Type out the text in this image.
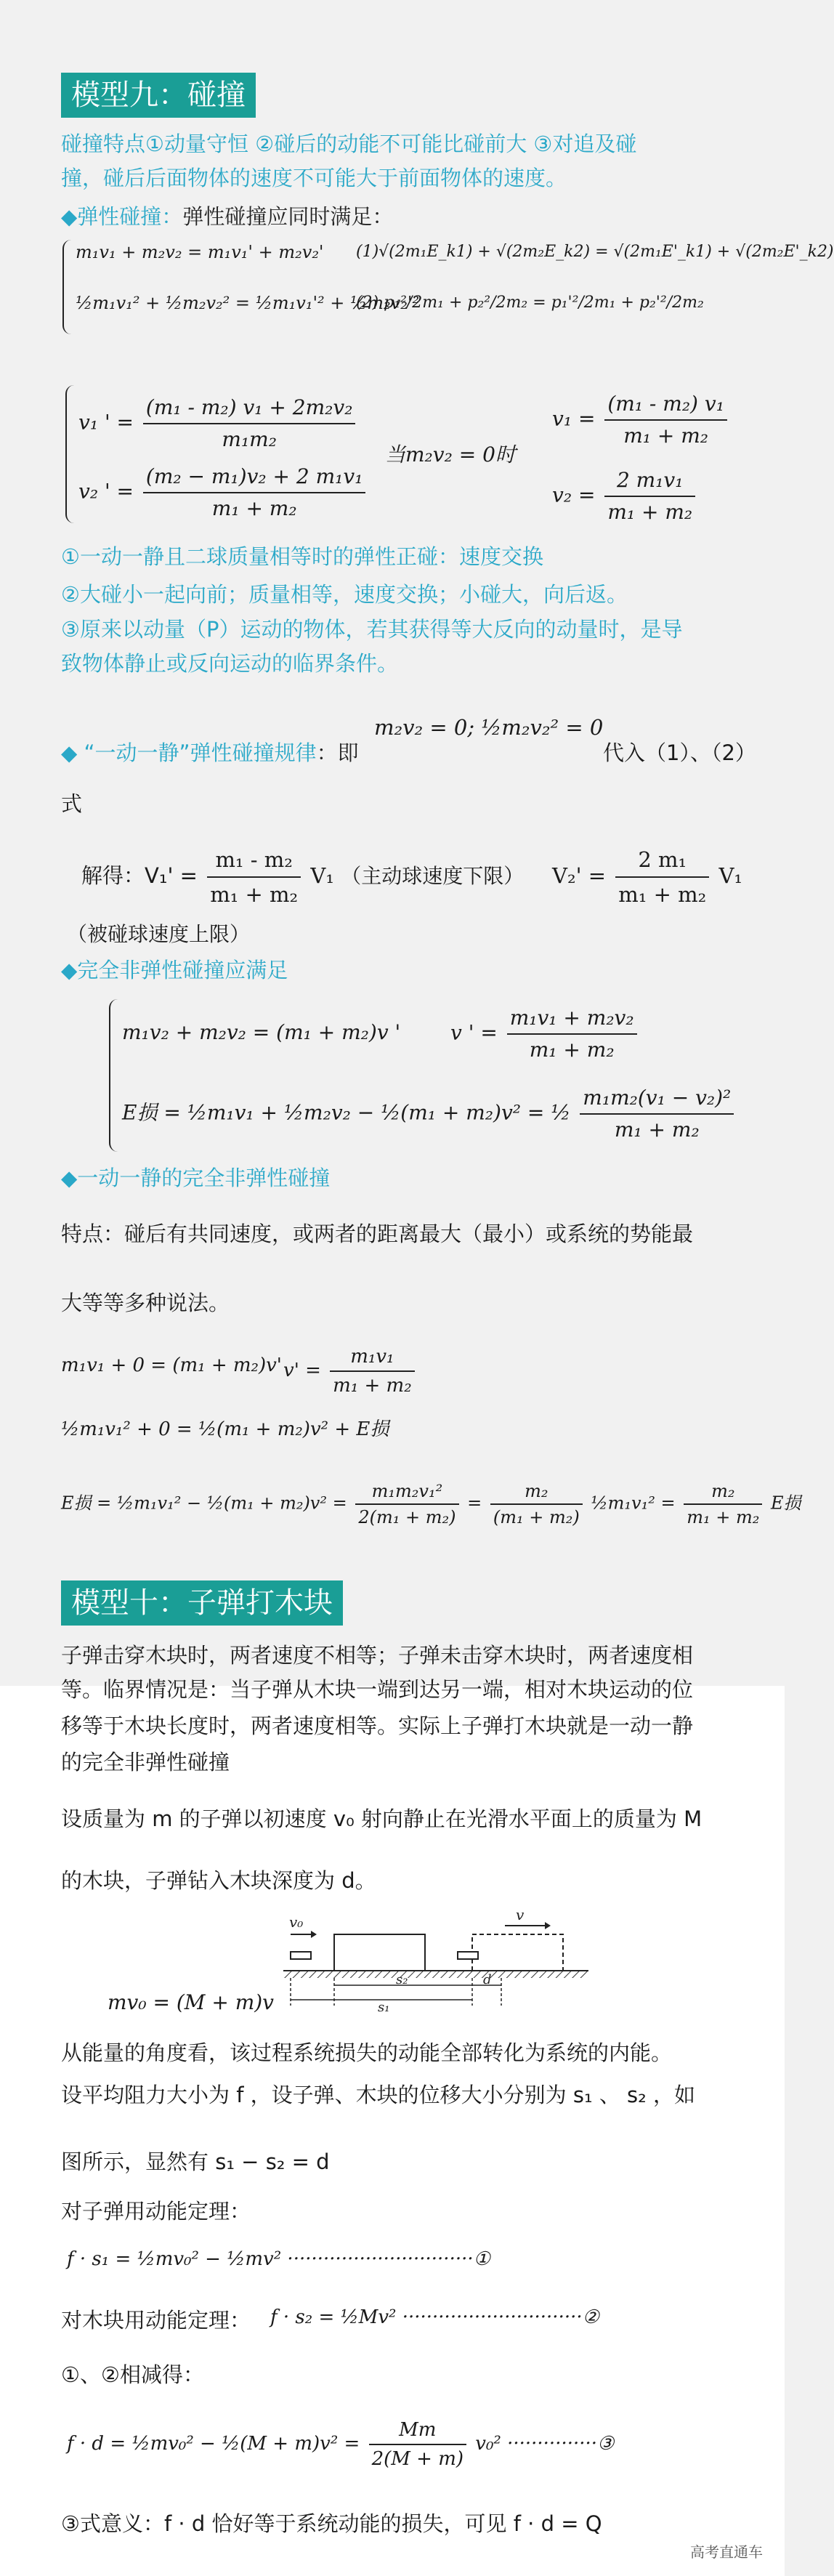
模型九：碰撞
碰撞特点①动量守恒 ②碰后的动能不可能比碰前大 ③对追及碰
撞，碰后后面物体的速度不可能大于前面物体的速度。
◆弹性碰撞：弹性碰撞应同时满足：
m₁v₁ + m₂v₂ = m₁v₁' + m₂v₂'
½m₁v₁² + ½m₂v₂² = ½m₁v₁'² + ½m₂v₂'²
(1)√(2m₁E_k1) + √(2m₂E_k2) = √(2m₁E'_k1) + √(2m₂E'_k2)
(2) p₁²/2m₁ + p₂²/2m₂ = p₁'²/2m₁ + p₂'²/2m₂
v₁ ' = $\frac{\text{(m₁ - m₂) v₁ + 2m₂v₂}}{\text{m₁m₂}}$
v₂ ' = $\frac{\text{(m₂ − m₁)v₂ + 2 m₁v₁}}{\text{m₁ + m₂}}$
当m₂v₂ = 0时
$v_1 = \frac{\text{(m₁ - m₂) v₁}}{\text{m₁ + m₂}}$
$v_2 = \frac{\text{2 m₁v₁}}{\text{m₁ + m₂}}$
①一动一静且二球质量相等时的弹性正碰：速度交换
②大碰小一起向前；质量相等，速度交换；小碰大，向后返。
③原来以动量（P）运动的物体，若其获得等大反向的动量时，是导
致物体静止或反向运动的临界条件。
◆ “一动一静”弹性碰撞规律：即
m₂v₂ = 0; ½m₂v₂² = 0
代入（1）、（2）
式
解得：$V_1' = \frac{\text{m₁ - m₂}}{\text{m₁ + m₂}} V_1$ （主动球速度下限） $V_2' = \frac{\text{2 m₁}}{\text{m₁ + m₂}} V_1$
（被碰球速度上限）
◆完全非弹性碰撞应满足
m₁v₂ + m₂v₂ = (m₁ + m₂)v ' v ' = $\frac{\text{m₁v₁ + m₂v₂}}{\text{m₁ + m₂}}$
E损 = ½m₁v₁ + ½m₂v₂ − ½(m₁ + m₂)v² = ½ $\frac{\text{m₁m₂(v₁ − v₂)²}}{\text{m₁ + m₂}}$
◆一动一静的完全非弹性碰撞
特点：碰后有共同速度，或两者的距离最大（最小）或系统的势能最
大等等多种说法。
m₁v₁ + 0 = (m₁ + m₂)v' $v' = \frac{\text{m₁v₁}}{\text{m₁ + m₂}}$
½m₁v₁² + 0 = ½(m₁ + m₂)v² + E损
E损 = ½m₁v₁² − ½(m₁ + $m_2)v^2 = \frac{\text{m₁m₂v₁²}}{\text{2(m₁ + m₂)}} = \frac{\text{m₂}}{\text{(m₁ + m₂)}}$ ½m₁v₁² = $\frac{\text{m₂}}{\text{m₁ + m₂}}$ E损
模型十：子弹打木块
子弹击穿木块时，两者速度不相等；子弹未击穿木块时，两者速度相
等。临界情况是：当子弹从木块一端到达另一端，相对木块运动的位
移等于木块长度时，两者速度相等。实际上子弹打木块就是一动一静
的完全非弹性碰撞
设质量为 m 的子弹以初速度 v₀ 射向静止在光滑水平面上的质量为 M
的木块，子弹钻入木块深度为 d。
v₀	v
s₂
s₁
d
mv₀ = (M + m)v
从能量的角度看，该过程系统损失的动能全部转化为系统的内能。
设平均阻力大小为 f ，设子弹、木块的位移大小分别为 s₁ 、 s₂ ，如
图所示，显然有 s₁ − s₂ = d
对子弹用动能定理：
f · s₁ = ½mv₀² − ½mv² ·······························①
对木块用动能定理： f · s₂ = ½Mv² ······························②
①、②相减得：
f · d = ½mv₀² − ½(M + $m)v^2 = \frac{Mm}{2(M + m)} v_0^2$ ···············③
③式意义：f · d 恰好等于系统动能的损失，可见 f · d = Q
高考直通车
